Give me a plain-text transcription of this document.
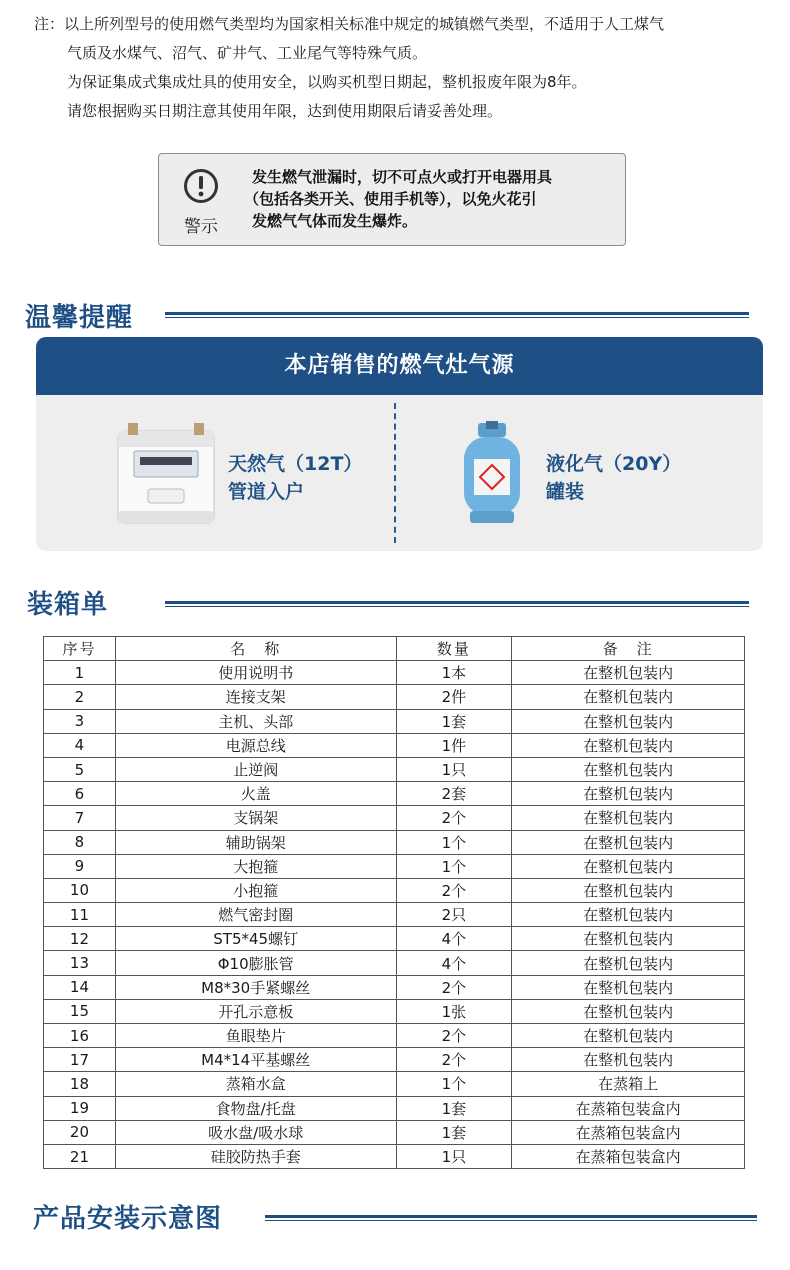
注：以上所列型号的使用燃气类型均为国家相关标准中规定的城镇燃气类型，不适用于人工煤气
气质及水煤气、沼气、矿井气、工业尾气等特殊气质。
为保证集成式集成灶具的使用安全，以购买机型日期起，整机报废年限为8年。
请您根据购买日期注意其使用年限，达到使用期限后请妥善处理。
警示
发生燃气泄漏时，切不可点火或打开电器用具
（包括各类开关、使用手机等），以免火花引
发燃气气体而发生爆炸。
温馨提醒
本店销售的燃气灶气源
天然气（12T）
管道入户
液化气（20Y）
罐装
装箱单
序号	名　称	数量	备　注
1	使用说明书	1本	在整机包装内
2	连接支架	2件	在整机包装内
3	主机、头部	1套	在整机包装内
4	电源总线	1件	在整机包装内
5	止逆阀	1只	在整机包装内
6	火盖	2套	在整机包装内
7	支锅架	2个	在整机包装内
8	辅助锅架	1个	在整机包装内
9	大抱箍	1个	在整机包装内
10	小抱箍	2个	在整机包装内
11	燃气密封圈	2只	在整机包装内
12	ST5*45螺钉	4个	在整机包装内
13	Φ10膨胀管	4个	在整机包装内
14	M8*30手紧螺丝	2个	在整机包装内
15	开孔示意板	1张	在整机包装内
16	鱼眼垫片	2个	在整机包装内
17	M4*14平基螺丝	2个	在整机包装内
18	蒸箱水盒	1个	在蒸箱上
19	食物盘/托盘	1套	在蒸箱包装盒内
20	吸水盘/吸水球	1套	在蒸箱包装盒内
21	硅胶防热手套	1只	在蒸箱包装盒内
产品安装示意图
